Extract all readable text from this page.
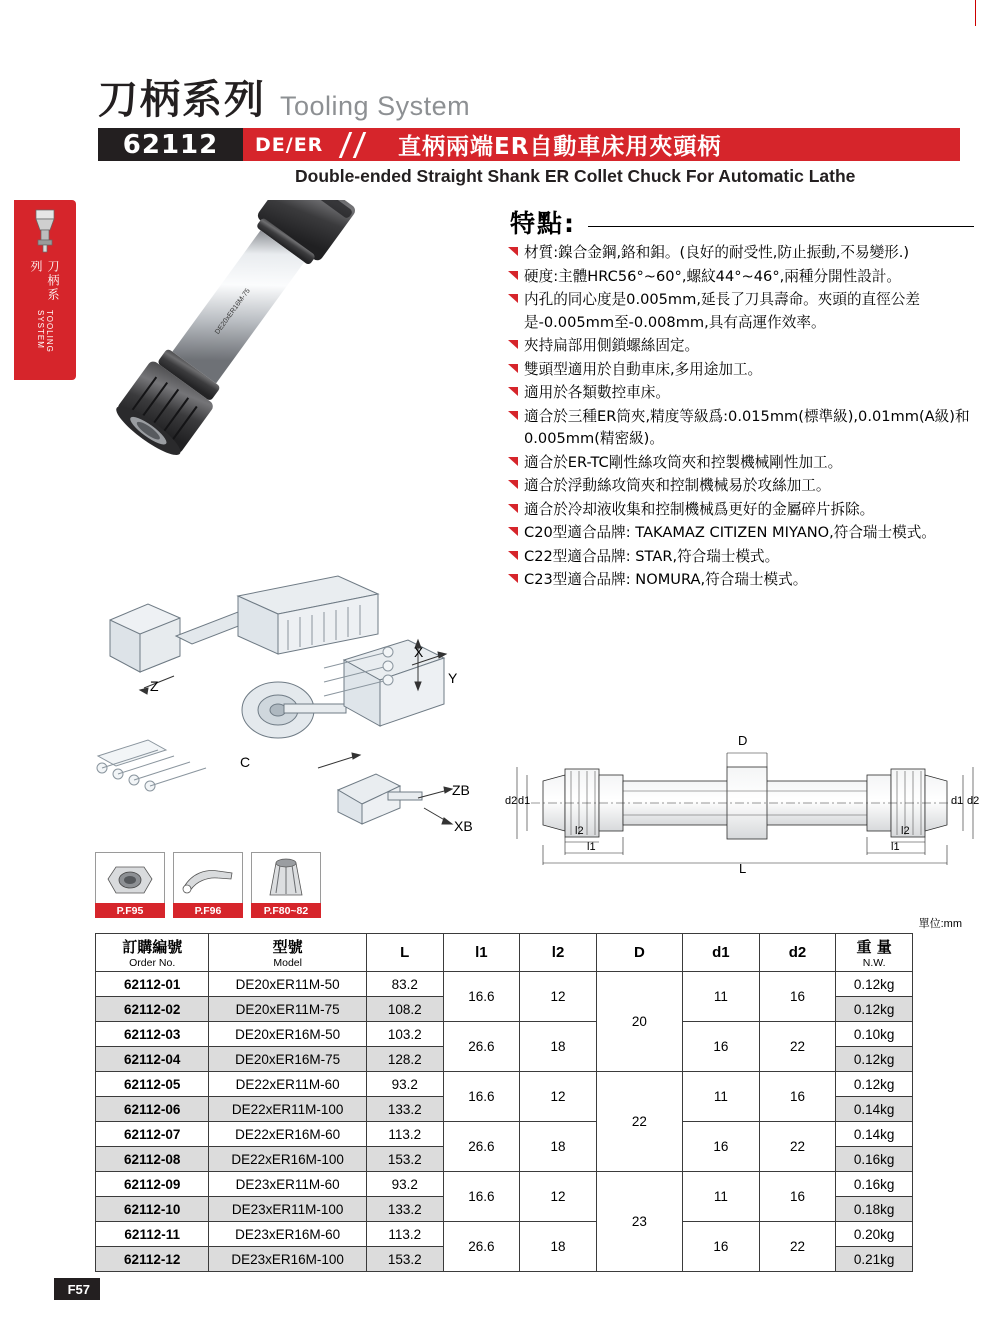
刀柄系列 Tooling System
62112	DE/ER	直柄兩端ER自動車床用夾頭柄
Double-ended Straight Shank ER Collet Chuck For Automatic Lathe
刀柄系列
TOOLING SYSTEM	DE20xER16M-75
特點:
材質:鎳合金鋼,鉻和鉬。(良好的耐受性,防止振動,不易變形.)
硬度:主體HRC56°~60°,螺紋44°~46°,兩種分開性設計。
内孔的同心度是0.005mm,延長了刀具壽命。夾頭的直徑公差是-0.005mm至-0.008mm,具有高運作效率。
夾持扁部用側鎖螺絲固定。
雙頭型適用於自動車床,多用途加工。
適用於各類數控車床。
適合於三種ER筒夾,精度等級爲:0.015mm(標準級),0.01mm(A級)和0.005mm(精密級)。
適合於ER-TC剛性絲攻筒夾和控製機械剛性加工。
適合於浮動絲攻筒夾和控制機械易於攻絲加工。
適合於冷却液收集和控制機械爲更好的金屬碎片拆除。
C20型適合品牌: TAKAMAZ CITIZEN MIYANO,符合瑞士模式。
C22型適合品牌: STAR,符合瑞士模式。
C23型適合品牌: NOMURA,符合瑞士模式。
X
Y
Z
C
ZB
XB
D
L
l1
l2
l1
l2
d1
d2	d1 d2
P.F95	P.F96	P.F80~82
單位:mm
訂購編號
Order No.	型號
Model	L	l1	l2	D	d1	d2	重 量
N.W.

62112-01	DE20xER11M-50	83.2	16.6	12	20	11	16	0.12kg
62112-02	DE20xER11M-75	108.2						0.12kg
62112-03	DE20xER16M-50	103.2	26.6	18		16	22	0.10kg
62112-04	DE20xER16M-75	128.2						0.12kg
62112-05	DE22xER11M-60	93.2	16.6	12	22	11	16	0.12kg
62112-06	DE22xER11M-100	133.2						0.14kg
62112-07	DE22xER16M-60	113.2	26.6	18		16	22	0.14kg
62112-08	DE22xER16M-100	153.2						0.16kg
62112-09	DE23xER11M-60	93.2	16.6	12	23	11	16	0.16kg
62112-10	DE23xER11M-100	133.2						0.18kg
62112-11	DE23xER16M-60	113.2	26.6	18		16	22	0.20kg
62112-12	DE23xER16M-100	153.2						0.21kg
F57
